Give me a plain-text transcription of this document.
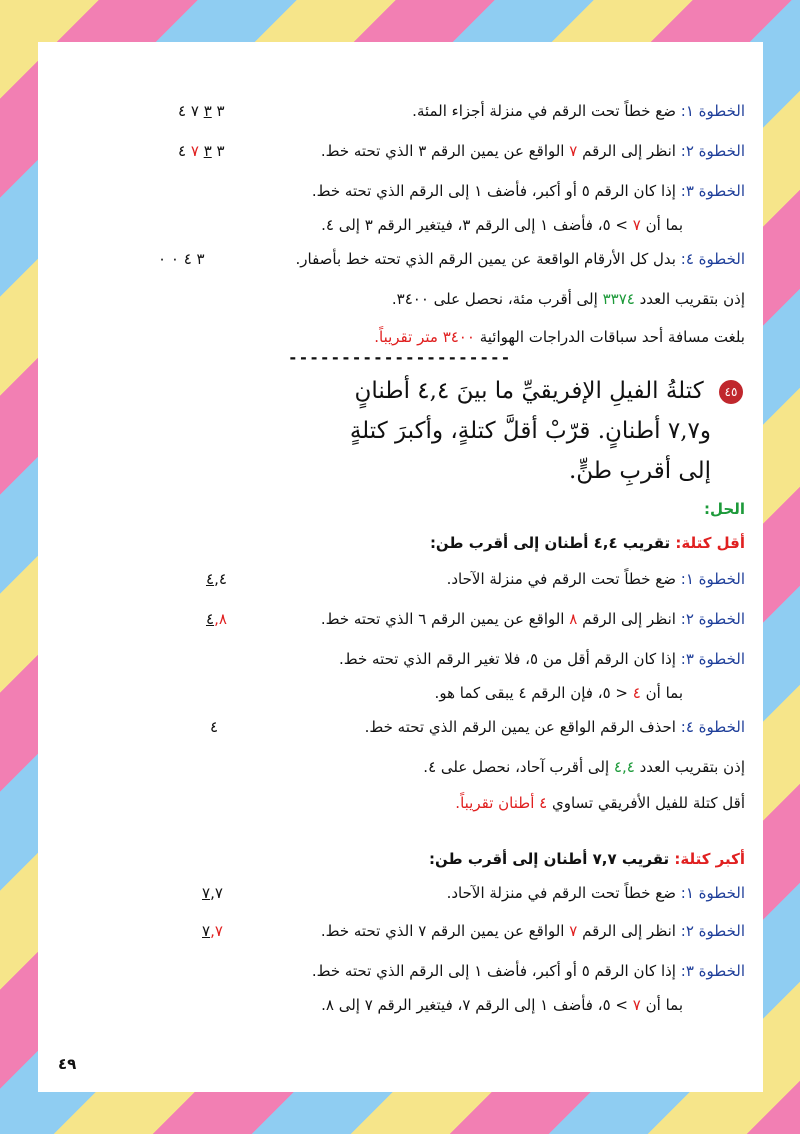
الخطوة ١: ضع خطاً تحت الرقم في منزلة أجزاء المئة.
٣ ٣ ٧ ٤
الخطوة ٢: انظر إلى الرقم ٧ الواقع عن يمين الرقم ٣ الذي تحته خط.
٣ ٣ ٧ ٤
الخطوة ٣: إذا كان الرقم ٥ أو أكبر، فأضف ١ إلى الرقم الذي تحته خط.
بما أن ٧ > ٥، فأضف ١ إلى الرقم ٣، فيتغير الرقم ٣ إلى ٤.
الخطوة ٤: بدل كل الأرقام الواقعة عن يمين الرقم الذي تحته خط بأصفار.
٣ ٤ ٠ ٠
إذن بتقريب العدد ٣٣٧٤ إلى أقرب مئة، نحصل على ٣٤٠٠.
بلغت مسافة أحد سباقات الدراجات الهوائية ٣٤٠٠ متر تقريباً.
---------------------
٤٥ كتلةُ الفيلِ الإفريقيِّ ما بينَ ٤,٤ أطنانٍ
و٧,٧ أطنانٍ. قرّبْ أقلَّ كتلةٍ، وأكبرَ كتلةٍ
إلى أقربِ طنٍّ.
الحل:
أقل كتلة: تقريب ٤,٤ أطنان إلى أقرب طن:
الخطوة ١: ضع خطاً تحت الرقم في منزلة الآحاد.
٤,٤
الخطوة ٢: انظر إلى الرقم ٨ الواقع عن يمين الرقم ٦ الذي تحته خط.
٤,٨
الخطوة ٣: إذا كان الرقم أقل من ٥، فلا تغير الرقم الذي تحته خط.
بما أن ٤ < ٥، فإن الرقم ٤ يبقى كما هو.
الخطوة ٤: احذف الرقم الواقع عن يمين الرقم الذي تحته خط.
٤
إذن بتقريب العدد ٤,٤ إلى أقرب آحاد، نحصل على ٤.
أقل كتلة للفيل الأفريقي تساوي ٤ أطنان تقريباً.
أكبر كتلة: تقريب ٧,٧ أطنان إلى أقرب طن:
الخطوة ١: ضع خطاً تحت الرقم في منزلة الآحاد.
٧,٧
الخطوة ٢: انظر إلى الرقم ٧ الواقع عن يمين الرقم ٧ الذي تحته خط.
٧,٧
الخطوة ٣: إذا كان الرقم ٥ أو أكبر، فأضف ١ إلى الرقم الذي تحته خط.
بما أن ٧ > ٥، فأضف ١ إلى الرقم ٧، فيتغير الرقم ٧ إلى ٨.
٤٩
